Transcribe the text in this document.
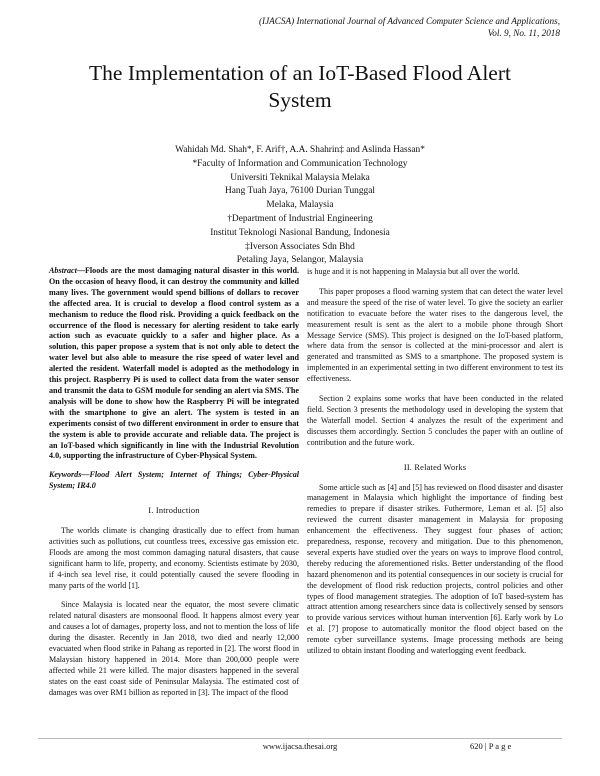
(IJACSA) International Journal of Advanced Computer Science and Applications,
Vol. 9, No. 11, 2018
The Implementation of an IoT-Based Flood Alert
System
Wahidah Md. Shah*, F. Arif†, A.A. Shahrin‡ and Aslinda Hassan*
*Faculty of Information and Communication Technology
Universiti Teknikal Malaysia Melaka
Hang Tuah Jaya, 76100 Durian Tunggal
Melaka, Malaysia
†Department of Industrial Engineering
Institut Teknologi Nasional Bandung, Indonesia
‡Iverson Associates Sdn Bhd
Petaling Jaya, Selangor, Malaysia
Abstract—Floods are the most damaging natural disaster in this world. On the occasion of heavy flood, it can destroy the community and killed many lives. The government would spend billions of dollars to recover the affected area. It is crucial to develop a flood control system as a mechanism to reduce the flood risk. Providing a quick feedback on the occurrence of the flood is necessary for alerting resident to take early action such as evacuate quickly to a safer and higher place. As a solution, this paper propose a system that is not only able to detect the water level but also able to measure the rise speed of water level and alerted the resident. Waterfall model is adopted as the methodology in this project. Raspberry Pi is used to collect data from the water sensor and transmit the data to GSM module for sending an alert via SMS. The analysis will be done to show how the Raspberry Pi will be integrated with the smartphone to give an alert. The system is tested in an experiments consist of two different environment in order to ensure that the system is able to provide accurate and reliable data. The project is an IoT-based which significantly in line with the Industrial Revolution 4.0, supporting the infrastructure of Cyber-Physical System.
Keywords—Flood Alert System; Internet of Things; Cyber-Physical System; IR4.0
I. Introduction

The worlds climate is changing drastically due to effect from human activities such as pollutions, cut countless trees, excessive gas emission etc. Floods are among the most common damaging natural disasters, that cause significant harm to life, property, and economy. Scientists estimate by 2030, if 4-inch sea level rise, it could potentially caused the severe flooding in many parts of the world [1].

Since Malaysia is located near the equator, the most severe climatic related natural disasters are monsoonal flood. It happens almost every year and causes a lot of damages, property loss, and not to mention the loss of life during the disaster. Recently in Jan 2018, two died and nearly 12,000 evacuated when flood strike in Pahang as reported in [2]. The worst flood in Malaysian history happened in 2014. More than 200,000 people were affected while 21 were killed. The major disasters happened in the several states on the east coast side of Peninsular Malaysia. The estimated cost of damages was over RM1 billion as reported in [3]. The impact of the flood

is huge and it is not happening in Malaysia but all over the world.

This paper proposes a flood warning system that can detect the water level and measure the speed of the rise of water level. To give the society an earlier notification to evacuate before the water rises to the dangerous level, the measurement result is sent as the alert to a mobile phone through Short Message Service (SMS). This project is designed on the IoT-based platform, where data from the sensor is collected at the mini-processor and alert is generated and transmitted as SMS to a smartphone. The proposed system is implemented in an experimental setting in two different environment to test its effectiveness.

Section 2 explains some works that have been conducted in the related field. Section 3 presents the methodology used in developing the system that the Waterfall model. Section 4 analyzes the result of the experiment and discusses them accordingly. Section 5 concludes the paper with an outline of contribution and the future work.

II. Related Works

Some article such as [4] and [5] has reviewed on flood disaster and disaster management in Malaysia which highlight the importance of finding best remedies to prepare if disaster strikes. Futhermore, Leman et al. [5] also reviewed the current disaster management in Malaysia for proposing enhancement the effectiveness. They suggest four phases of action; preparedness, response, recovery and mitigation. Due to this phenomenon, several experts have studied over the years on ways to improve flood control, thereby reducing the aforementioned risks. Better understanding of the flood hazard phenomenon and its potential consequences in our society is crucial for the development of flood risk reduction projects, control policies and other types of flood management strategies. The adoption of IoT based-system has attract attention among researchers since data is collectively sensed by sensors to provide various services without human intervention [6]. Early work by Lo et al. [7] propose to automatically monitor the flood object based on the remote cyber surveillance systems. Image processing methods are being utilized to obtain instant flooding and waterlogging event feedback.

www.ijacsa.thesai.org	620 | P a g e
